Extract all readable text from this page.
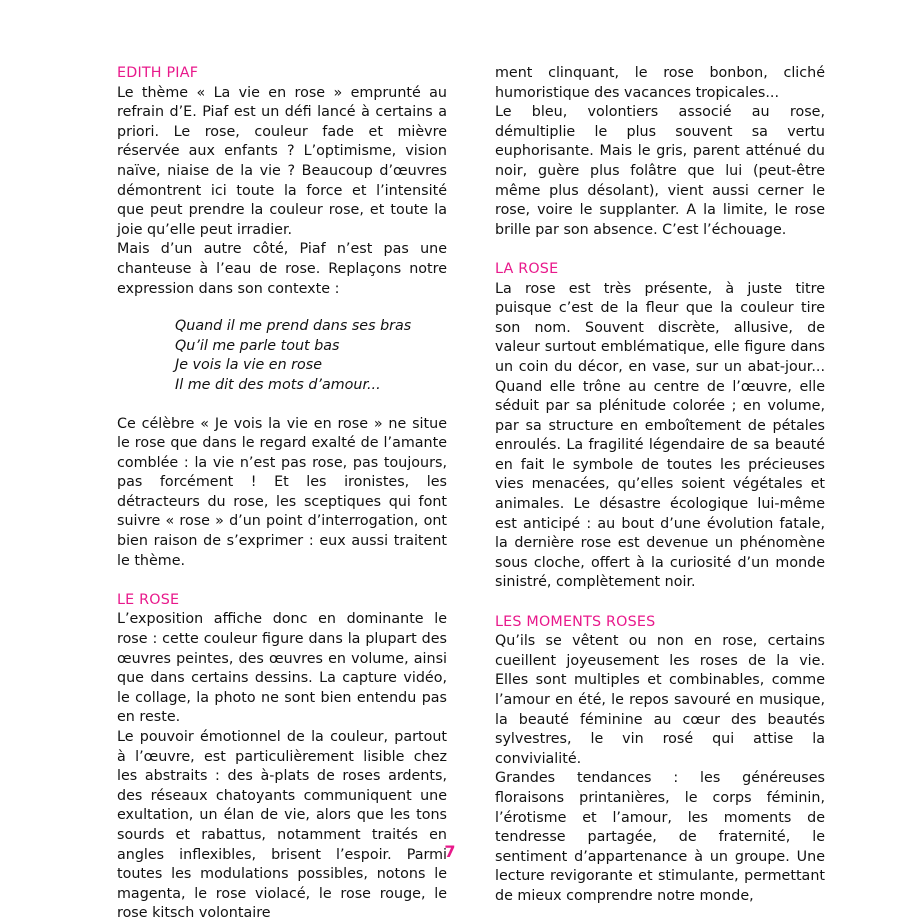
EDITH PIAF

Le thème « La vie en rose » emprunté au refrain d’E. Piaf est un défi lancé à certains a priori. Le rose, couleur fade et mièvre réservée aux enfants ? L’optimisme, vision naïve, niaise de la vie ? Beaucoup d’œuvres démontrent ici toute la force et l’intensité que peut prendre la couleur rose, et toute la joie qu’elle peut irradier.

Mais d’un autre côté, Piaf n’est pas une chanteuse à l’eau de rose. Replaçons notre expression dans son contexte :

Quand il me prend dans ses bras
Qu’il me parle tout bas
Je vois la vie en rose
Il me dit des mots d’amour...

Ce célèbre « Je vois la vie en rose » ne situe le rose que dans le regard exalté de l’amante comblée : la vie n’est pas rose, pas toujours, pas forcément ! Et les ironistes, les détracteurs du rose, les sceptiques qui font suivre « rose » d’un point d’interrogation, ont bien raison de s’exprimer : eux aussi traitent le thème.

LE ROSE

L’exposition affiche donc en dominante le rose : cette couleur figure dans la plupart des œuvres peintes, des œuvres en volume, ainsi que dans certains dessins. La capture vidéo, le collage, la photo ne sont bien entendu pas en reste.

Le pouvoir émotionnel de la couleur, partout à l’œuvre, est particulièrement lisible chez les abstraits : des à-plats de roses ardents, des réseaux chatoyants communiquent une exultation, un élan de vie, alors que les tons sourds et rabattus, notamment traités en angles inflexibles, brisent l’espoir. Parmi toutes les modulations possibles, notons le magenta, le rose violacé, le rose rouge, le rose kitsch volontaire

ment clinquant, le rose bonbon, cliché humoristique des vacances tropicales...

Le bleu, volontiers associé au rose, démultiplie le plus souvent sa vertu euphorisante. Mais le gris, parent atténué du noir, guère plus folâtre que lui (peut-être même plus désolant), vient aussi cerner le rose, voire le supplanter. A la limite, le rose brille par son absence. C’est l’échouage.

LA ROSE

La rose est très présente, à juste titre puisque c’est de la fleur que la couleur tire son nom. Souvent discrète, allusive, de valeur surtout emblématique, elle figure dans un coin du décor, en vase, sur un abat-jour... Quand elle trône au centre de l’œuvre, elle séduit par sa plénitude colorée ; en volume, par sa structure en emboîtement de pétales enroulés. La fragilité légendaire de sa beauté en fait le symbole de toutes les précieuses vies menacées, qu’elles soient végétales et animales. Le désastre écologique lui-même est anticipé : au bout d’une évolution fatale, la dernière rose est devenue un phénomène sous cloche, offert à la curiosité d’un monde sinistré, complètement noir.

LES MOMENTS ROSES

Qu’ils se vêtent ou non en rose, certains cueillent joyeusement les roses de la vie. Elles sont multiples et combinables, comme l’amour en été, le repos savouré en musique, la beauté féminine au cœur des beautés sylvestres, le vin rosé qui attise la convivialité.

Grandes tendances : les généreuses floraisons printanières, le corps féminin, l’érotisme et l’amour, les moments de tendresse partagée, de fraternité, le sentiment d’appartenance à un groupe. Une lecture revigorante et stimulante, permettant de mieux comprendre notre monde,

7
